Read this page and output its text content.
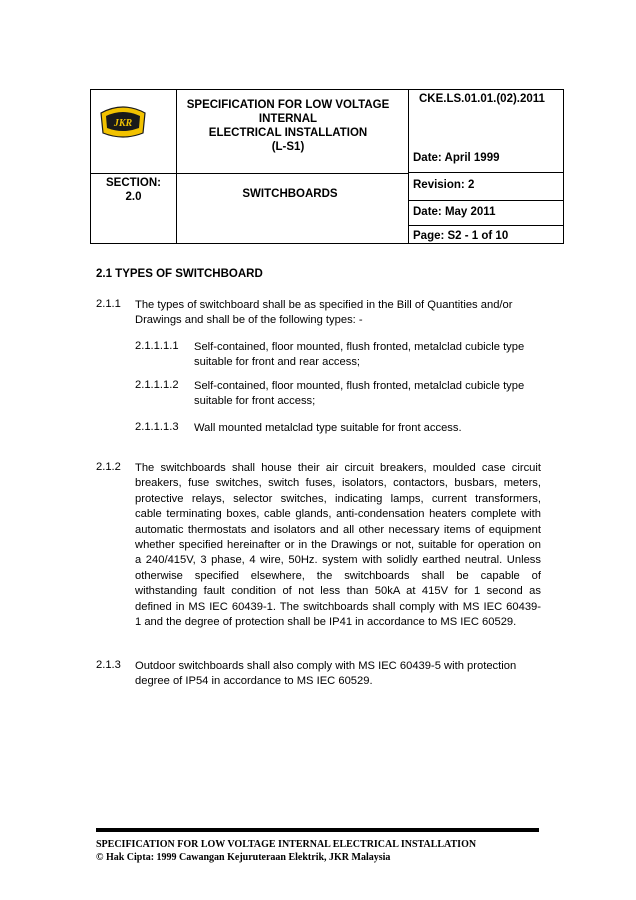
JKR
SPECIFICATION FOR LOW VOLTAGE
INTERNAL
ELECTRICAL INSTALLATION
(L-S1)
CKE.LS.01.01.(02).2011
Date: April 1999
SECTION:
2.0	SWITCHBOARDS
Revision: 2
Date: May 2011
Page: S2 - 1 of 10
2.1 TYPES OF SWITCHBOARD
2.1.1 The types of switchboard shall be as specified in the Bill of Quantities and/or
Drawings and shall be of the following types: -
2.1.1.1.1 Self-contained, floor mounted, flush fronted, metalclad cubicle type
suitable for front and rear access;
2.1.1.1.2 Self-contained, floor mounted, flush fronted, metalclad cubicle type
suitable for front access;
2.1.1.1.3 Wall mounted metalclad type suitable for front access.
2.1.2 The switchboards shall house their air circuit breakers, moulded case circuit
breakers, fuse switches, switch fuses, isolators, contactors, busbars, meters,
protective relays, selector switches, indicating lamps, current transformers,
cable terminating boxes, cable glands, anti-condensation heaters complete with
automatic thermostats and isolators and all other necessary items of equipment
whether specified hereinafter or in the Drawings or not, suitable for operation on
a 240/415V, 3 phase, 4 wire, 50Hz. system with solidly earthed neutral. Unless
otherwise specified elsewhere, the switchboards shall be capable of
withstanding fault condition of not less than 50kA at 415V for 1 second as
defined in MS IEC 60439-1. The switchboards shall comply with MS IEC 60439-
1 and the degree of protection shall be IP41 in accordance to MS IEC 60529.
2.1.3 Outdoor switchboards shall also comply with MS IEC 60439-5 with protection
degree of IP54 in accordance to MS IEC 60529.
SPECIFICATION FOR LOW VOLTAGE INTERNAL ELECTRICAL INSTALLATION
© Hak Cipta: 1999 Cawangan Kejuruteraan Elektrik, JKR Malaysia
